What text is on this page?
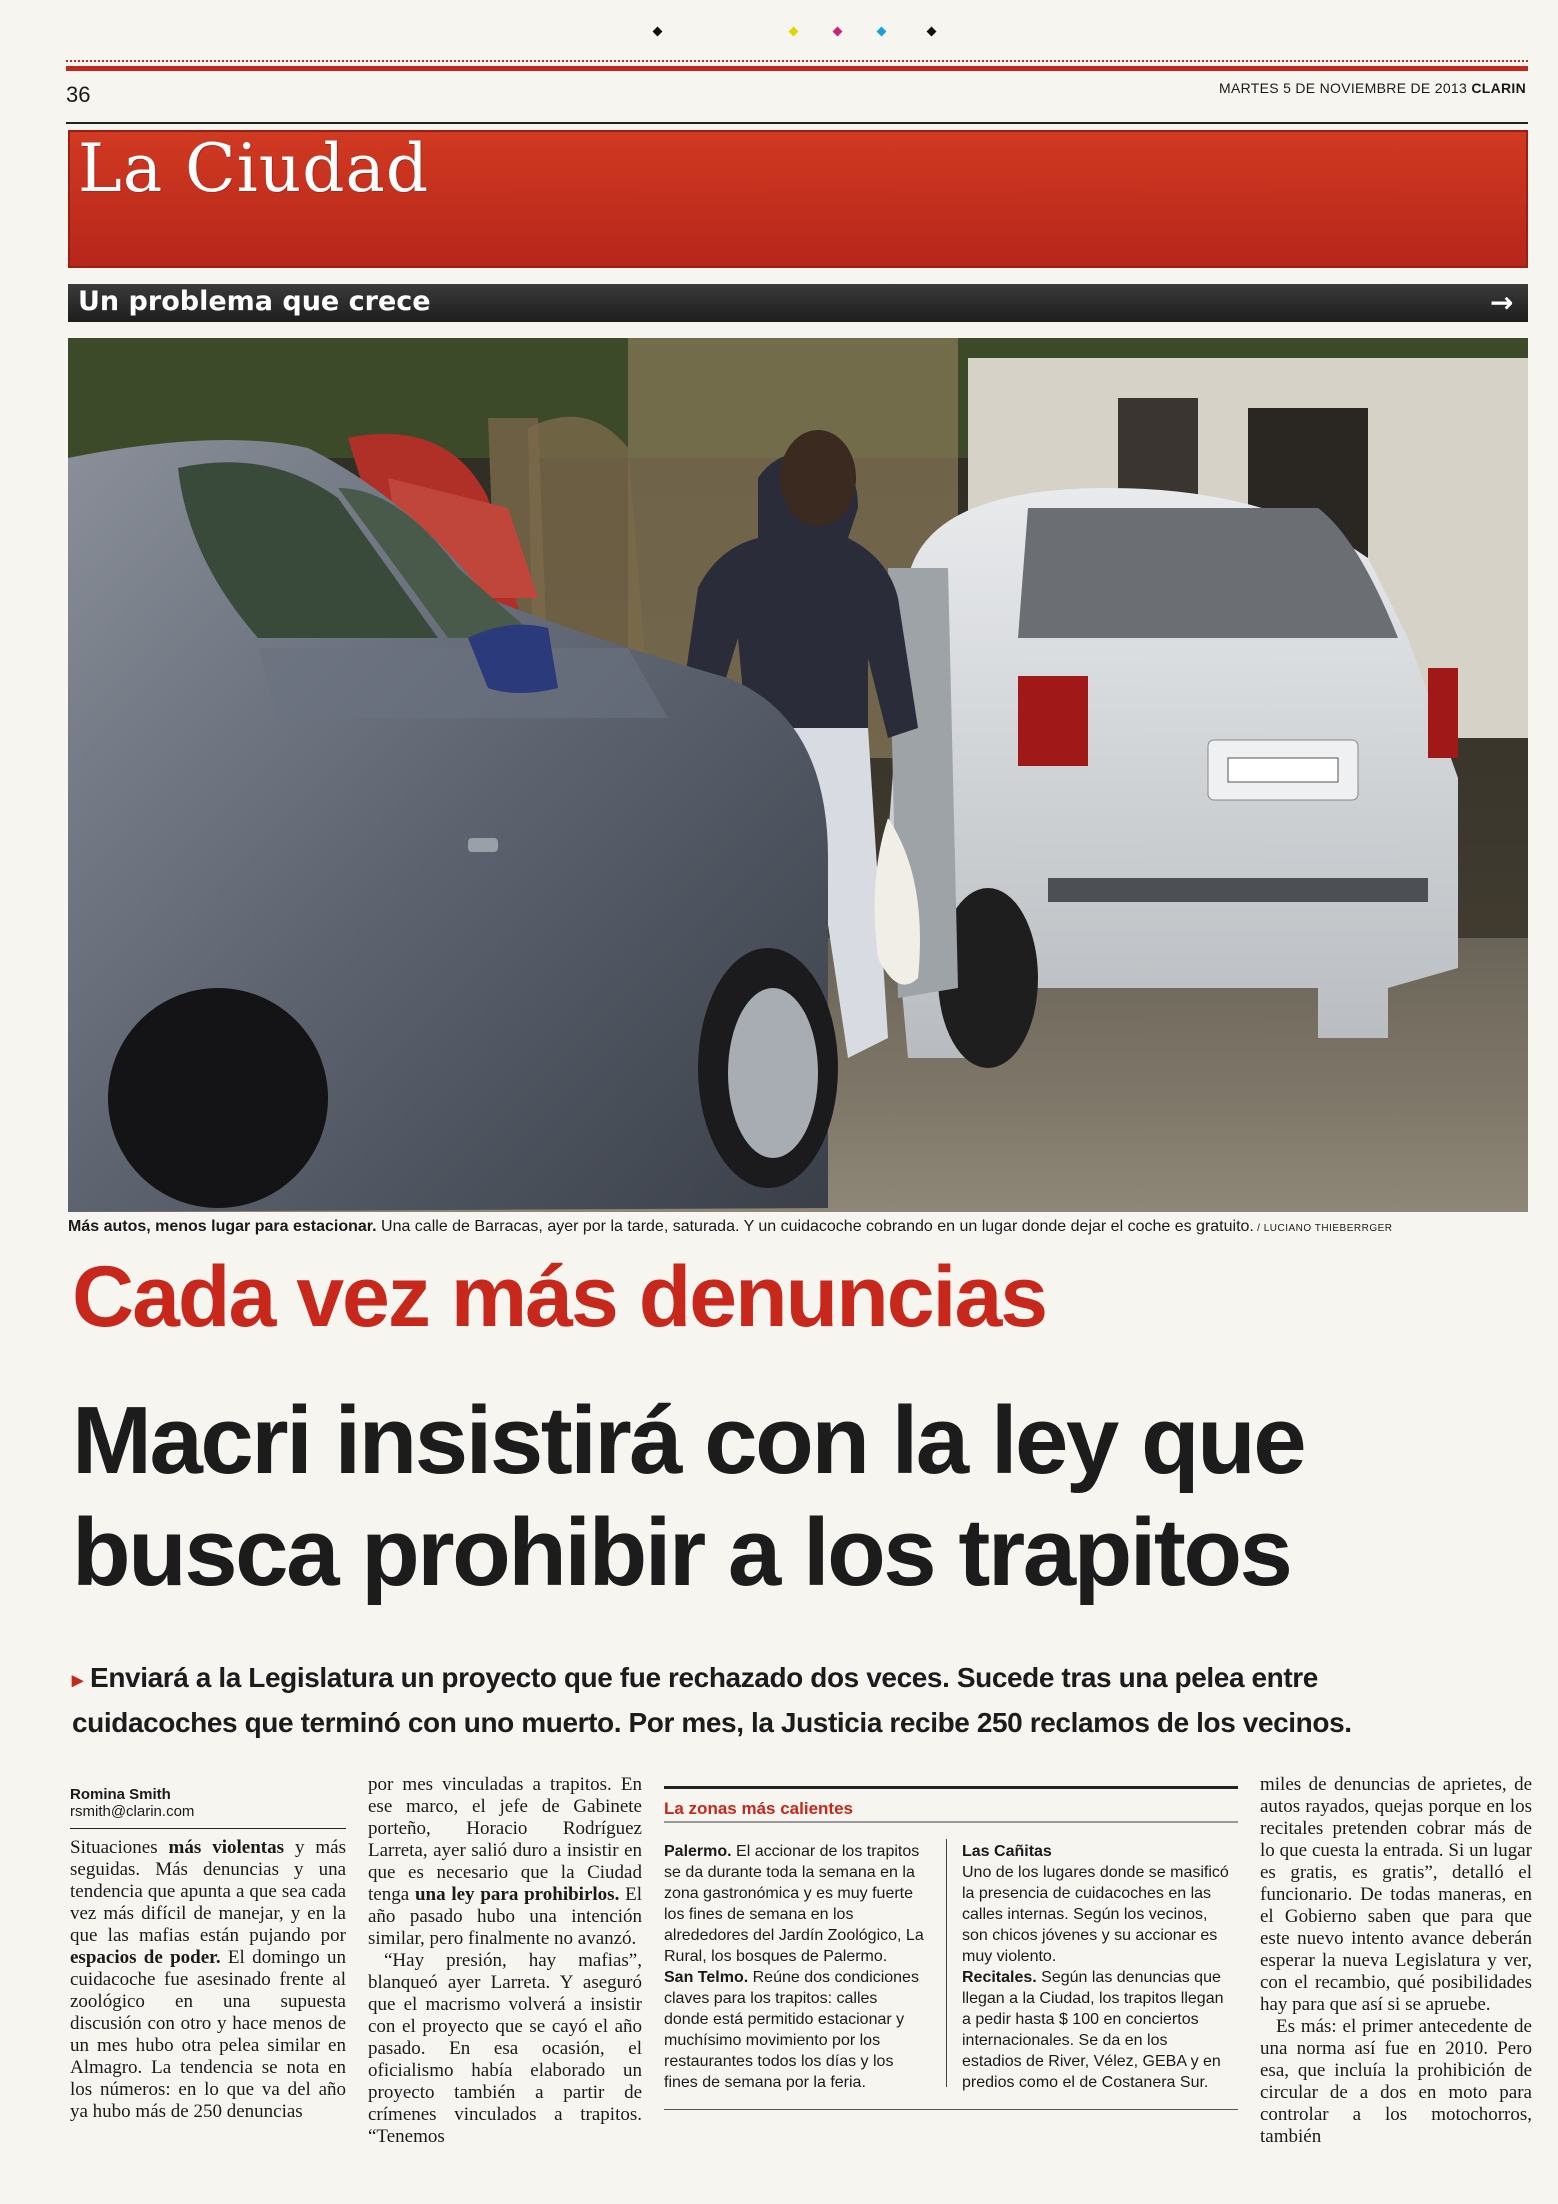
36	MARTES 5 DE NOVIEMBRE DE 2013 CLARIN
La Ciudad
Un problema que crece	→
Más autos, menos lugar para estacionar. Una calle de Barracas, ayer por la tarde, saturada. Y un cuidacoche cobrando en un lugar donde dejar el coche es gratuito. / LUCIANO THIEBERRGER
Cada vez más denuncias
Macri insistirá con la ley que
busca prohibir a los trapitos
▸ Enviará a la Legislatura un proyecto que fue rechazado dos veces. Sucede tras una pelea entre
cuidacoches que terminó con uno muerto. Por mes, la Justicia recibe 250 reclamos de los vecinos.
Romina Smith
rsmith@clarin.com

Situaciones más violentas y más seguidas. Más denuncias y una tendencia que apunta a que sea cada vez más difícil de manejar, y en la que las mafias están pujando por espacios de poder. El domingo un cuidacoche fue asesinado frente al zoológico en una supuesta discusión con otro y hace menos de un mes hubo otra pelea similar en Almagro. La tendencia se nota en los números: en lo que va del año ya hubo más de 250 denuncias

por mes vinculadas a trapitos. En ese marco, el jefe de Gabinete porteño, Horacio Rodríguez Larreta, ayer salió duro a insistir en que es necesario que la Ciudad tenga una ley para prohibirlos. El año pasado hubo una intención similar, pero finalmente no avanzó.

“Hay presión, hay mafias”, blanqueó ayer Larreta. Y aseguró que el macrismo volverá a insistir con el proyecto que se cayó el año pasado. En esa ocasión, el oficialismo había elaborado un proyecto también a partir de crímenes vinculados a trapitos. “Tenemos

La zonas más calientes
Palermo. El accionar de los trapitos se da durante toda la semana en la zona gastronómica y es muy fuerte los fines de semana en los alrededores del Jardín Zoológico, La Rural, los bosques de Palermo.
San Telmo. Reúne dos condiciones claves para los trapitos: calles donde está permitido estacionar y muchísimo movimiento por los restaurantes todos los días y los fines de semana por la feria.
Las Cañitas
Uno de los lugares donde se masificó la presencia de cuidacoches en las calles internas. Según los vecinos, son chicos jóvenes y su accionar es muy violento.
Recitales. Según las denuncias que llegan a la Ciudad, los trapitos llegan a pedir hasta $ 100 en conciertos internacionales. Se da en los estadios de River, Vélez, GEBA y en predios como el de Costanera Sur.

miles de denuncias de aprietes, de autos rayados, quejas porque en los recitales pretenden cobrar más de lo que cuesta la entrada. Si un lugar es gratis, es gratis”, detalló el funcionario. De todas maneras, en el Gobierno saben que para que este nuevo intento avance deberán esperar la nueva Legislatura y ver, con el recambio, qué posibilidades hay para que así si se apruebe.

Es más: el primer antecedente de una norma así fue en 2010. Pero esa, que incluía la prohibición de circular de a dos en moto para controlar a los motochorros, también
